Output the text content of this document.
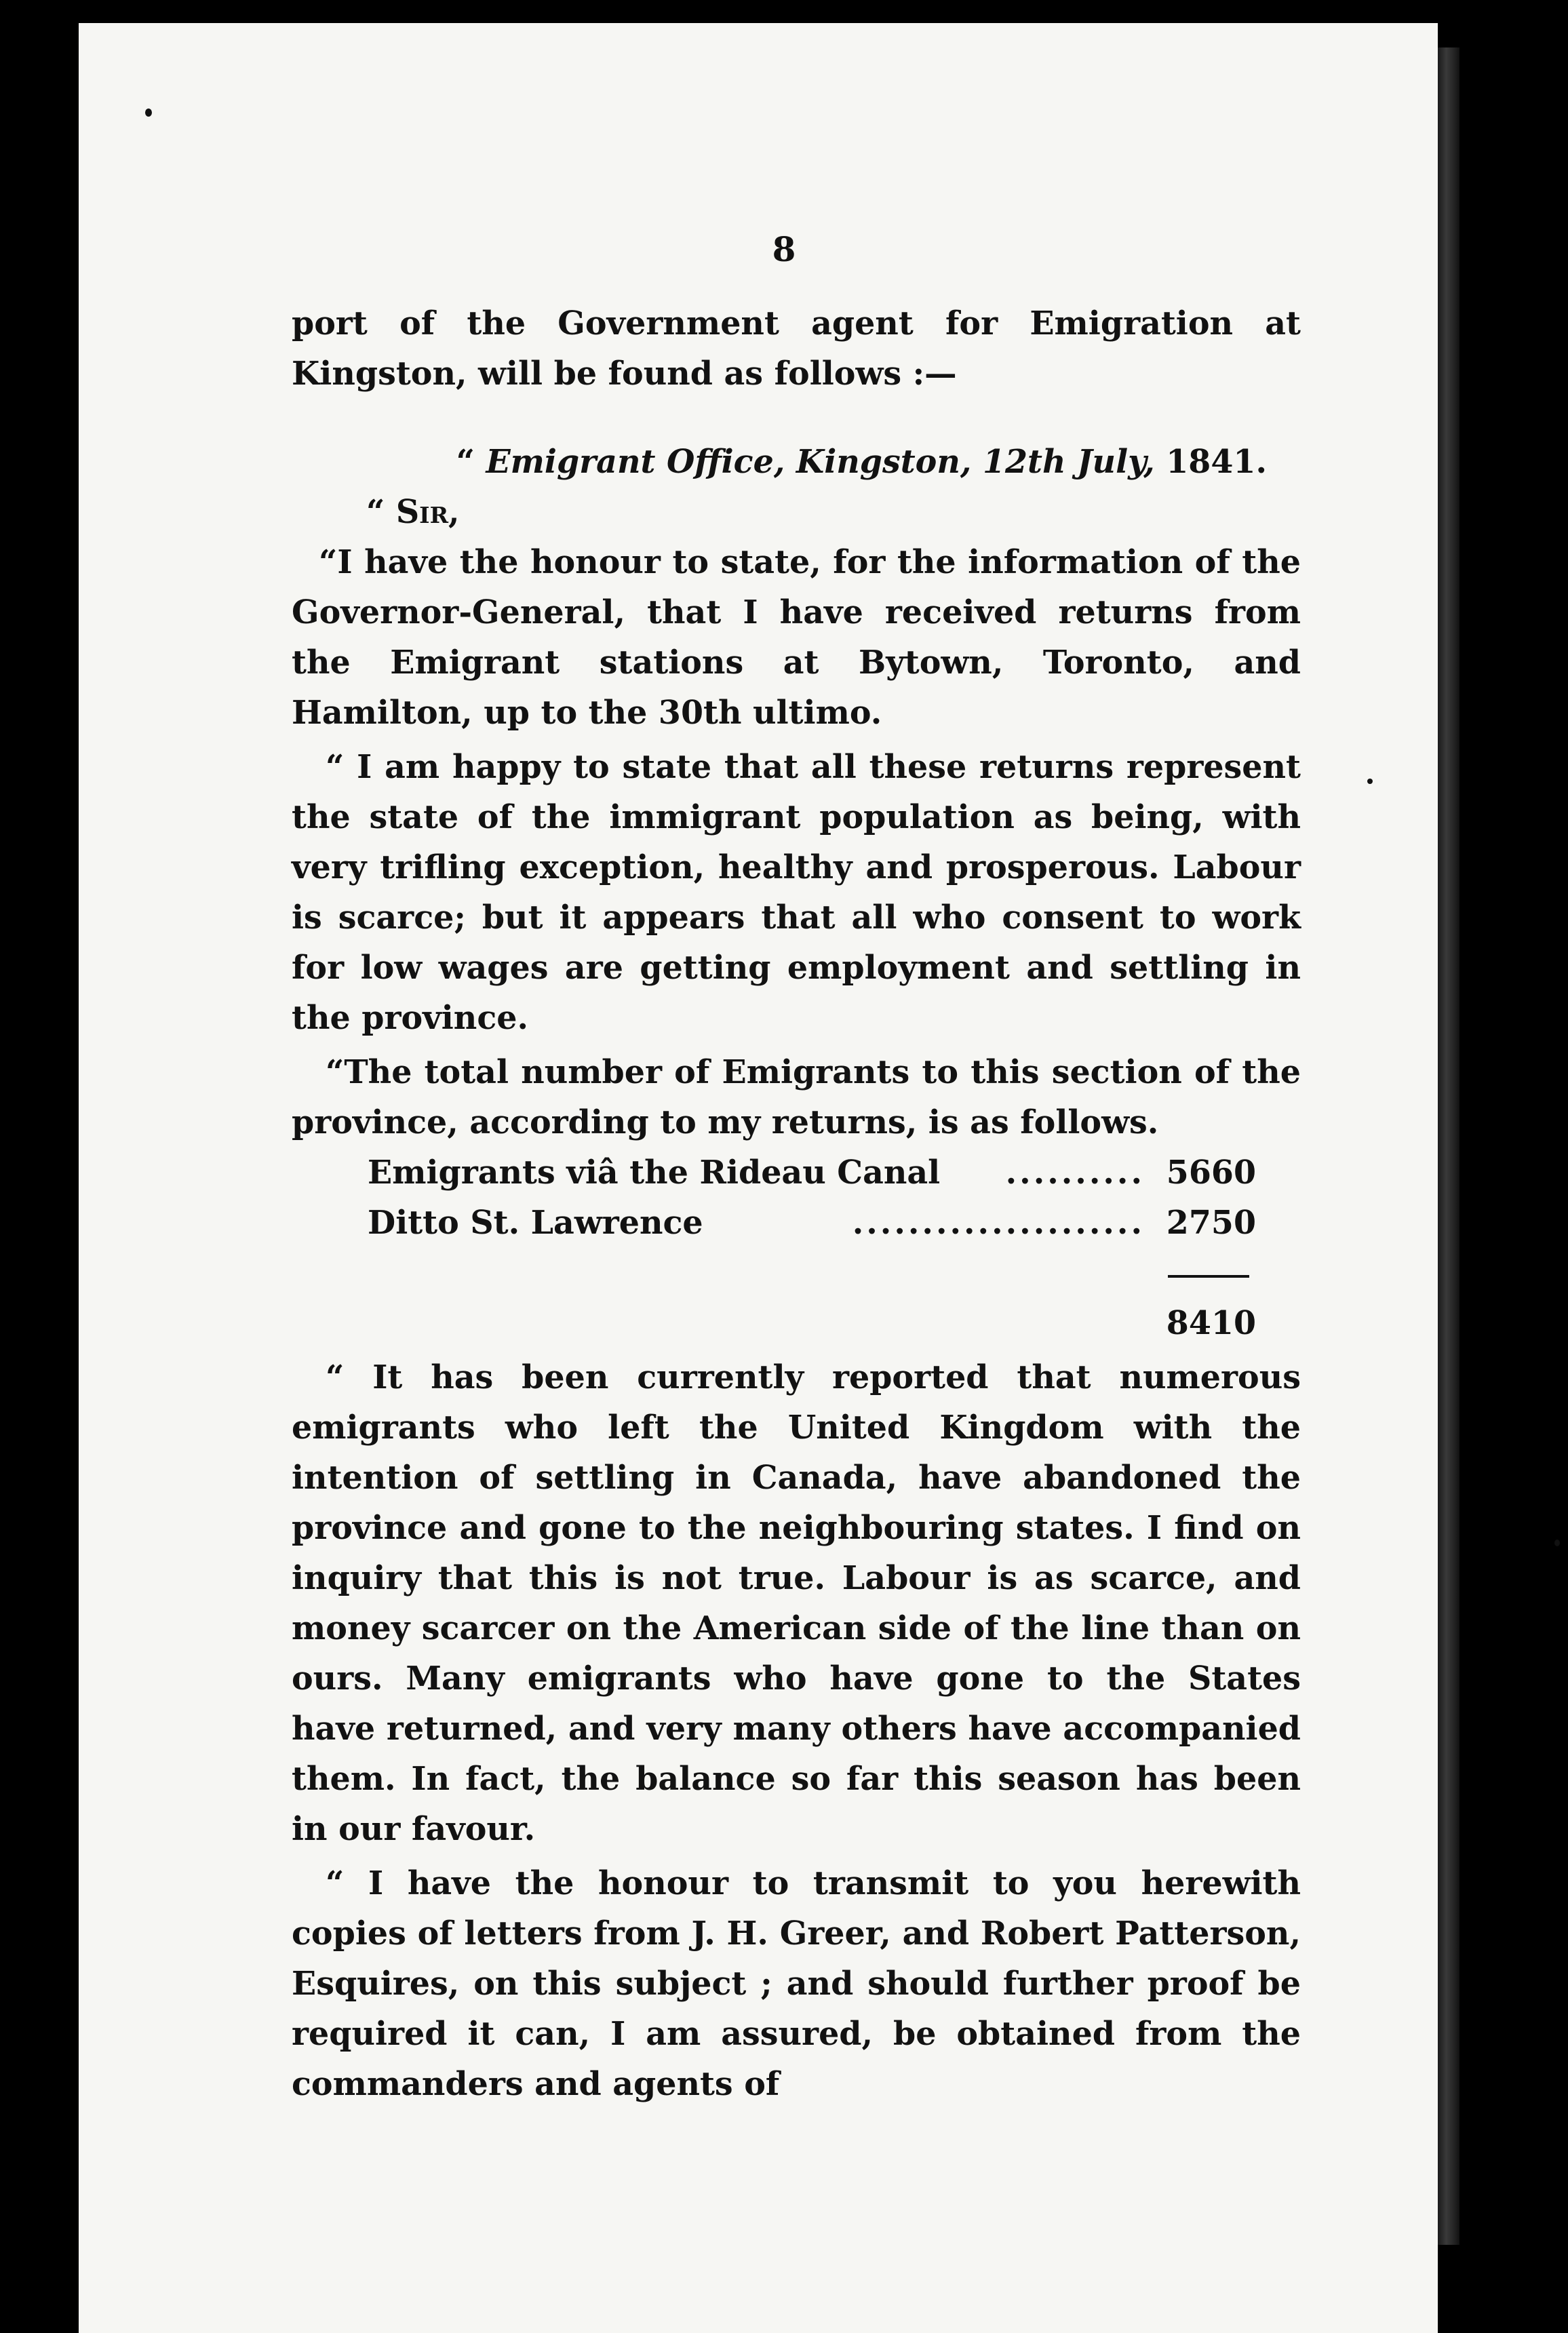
8

port of the Government agent for Emigration at Kingston, will be found as follows :—

“ Emigrant Office, Kingston, 12th July, 1841.

“ Sir,

“I have the honour to state, for the information of the Governor-General, that I have received returns from the Emigrant stations at Bytown, Toronto, and Hamilton, up to the 30th ultimo.

“ I am happy to state that all these returns represent the state of the immigrant population as being, with very trifling exception, healthy and prosperous. Labour is scarce; but it appears that all who consent to work for low wages are getting employment and settling in the province.

“The total number of Emigrants to this section of the province, according to my returns, is as follows.

Emigrants viâ the Rideau Canal	.......... 5660
Ditto St. Lawrence	..................... 2750
8410

“ It has been currently reported that numerous emigrants who left the United Kingdom with the intention of settling in Canada, have abandoned the province and gone to the neighbouring states. I find on inquiry that this is not true. Labour is as scarce, and money scarcer on the American side of the line than on ours. Many emigrants who have gone to the States have returned, and very many others have accompanied them. In fact, the balance so far this season has been in our favour.

“ I have the honour to transmit to you herewith copies of letters from J. H. Greer, and Robert Patterson, Esquires, on this subject ; and should further proof be required it can, I am assured, be obtained from the commanders and agents of
